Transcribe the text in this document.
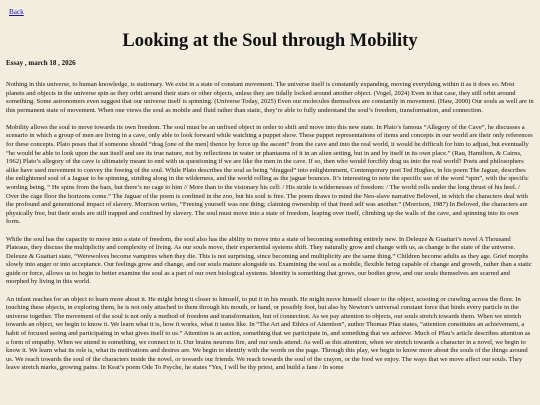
Back
Looking at the Soul through Mobility
Essay , march 18 , 2026

Nothing in this universe, to human knowledge, is stationary. We exist in a state of constant movement. The universe itself is constantly expanding, moving everything within it as it does so. Most planets and objects in the universe spin as they orbit around their stars or other objects, unless they are tidally locked around another object. (Vogel, 2024) Even in that case, they still orbit around something. Some astronomers even suggest that our universe itself is spinning. (Universe Today, 2025) Even our molecules themselves are constantly in movement. (Haw, 2000) Our souls as well are in this permanent state of movement. When one views the soul as mobile and fluid rather than static, they’re able to fully understand the soul’s freedom, transformation, and connection.

Mobility allows the soul to move towards its own freedom. The soul must be an unfixed object in order to shift and move into this new state. In Plato’s famous “Allegory of the Cave”, he discusses a scenario in which a group of men are living in a cave, only able to look forward while watching a puppet show. These puppet representations of items and concepts in our world are their only references for these concepts. Plato poses that if someone should “drag [one of the men] thence by force up the ascent” from the cave and into the real world, it would be difficult for him to adjust, but eventually “he would be able to look upon the sun itself and see its true nature, not by reflections in water or phantasms of it in an alien setting, but in and by itself in its own place.” (Rau, Hamilton, & Cairns, 1962) Plato’s allegory of the cave is ultimately meant to end with us questioning if we are like the men in the cave. If so, then who would forcibly drag us into the real world? Poets and philosophers alike have used movement to convey the freeing of the soul. While Plato describes the soul as being “dragged” into enlightenment, Contemporary poet Ted Hughes, in his poem The Jaguar, describes the enlightened soul of a Jaguar to be spinning, striding along in the wilderness, and the world rolling as the jaguar bounces. It’s interesting to note the specific use of the word “spin”, with the specific wording being, “ He spins from the bars, but there’s no cage to him // More than to the visionary his cell: / His stride is wildernesses of freedom: / The world rolls under the long thrust of his heel. / Over the cage floor the horizons come.” The Jaguar of the poem is confined in the zoo, but his soul is free. The poem draws to mind the Neo-slave narrative Beloved, in which the characters deal with the profound and generational impact of slavery. Morrison writes, “Freeing yourself was one thing; claiming ownership of that freed self was another.” (Morrison, 1987) In Beloved, the characters are physically free, but their souls are still trapped and confined by slavery. The soul must move into a state of freedom, leaping over itself, climbing up the walls of the cave, and spinning into its own form.

While the soul has the capacity to move into a state of freedom, the soul also has the ability to move into a state of becoming something entirely new. In Deleuze & Guattari’s novel A Thousand Plateaus, they discuss the multiplicity and complexity of living. As our souls move, their experiential systems shift. They naturally grow and change with us, as change is the state of the universe. Deleuze & Guattari state, “Werewolves become vampires when they die. This is not surprising, since becoming and multiplicity are the same thing.” Children become adults as they age. Grief morphs slowly into anger or into acceptance. Our feelings grow and change, and our souls mature alongside us. Examining the soul as a mobile, flexible being capable of change and growth, rather than a static guide or force, allows us to begin to better examine the soul as a part of our own biological systems. Identity is something that grows, our bodies grow, and our souls themselves are scarred and morphed by living in this world.

An infant reaches for an object to learn more about it. He might bring it closer to himself, to put it in his mouth. He might move himself closer to the object, scooting or crawling across the floor. In touching these objects, in exploring them, he is not only attached to them through his mouth, or hand, or possibly foot, but also by Newton’s universal constant force that binds every particle in the universe together. The movement of the soul is not only a method of freedom and transformation, but of connection. As we pay attention to objects, our souls stretch towards them. When we stretch towards an object, we begin to know it. We learn what it is, how it works, what it tastes like. In “The Art and Ethics of Attention”, author Thomas Pfau states, “attention constitutes an achievement, a habit of focused seeing and participating in what gives itself to us.” Attention is an action, something that we participate in, and something that we achieve. Much of Pfau’s article describes attention as a form of empathy. When we attend to something, we connect to it. Our brains neurons fire, and our souls attend. As well as this attention, when we stretch towards a character in a novel, we begin to know it. We learn what its role is, what its motivations and desires are. We begin to identify with the words on the page. Through this play, we begin to know more about the souls of the things around us. We reach towards the soul of the characters inside the novel, or towards our friends. We reach towards the soul of the crayon, or the food we enjoy. The ways that we move affect our souls. They leave stretch marks, growing pains. In Keat’s poem Ode To Psyche, he states “Yes, I will be thy priest, and build a fane / In some
